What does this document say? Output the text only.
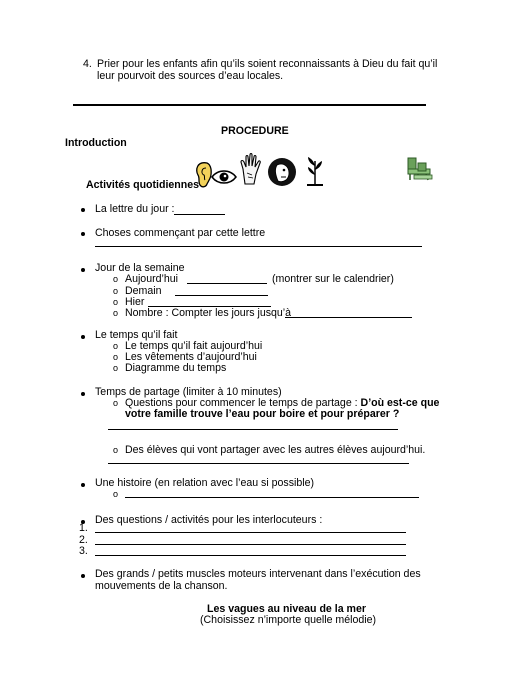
4. Prier pour les enfants afin qu’ils soient reconnaissants à Dieu du fait qu’il
leur pourvoit des sources d’eau locales.
PROCEDURE
Introduction
Activités quotidiennes
La lettre du jour :
Choses commençant par cette lettre
Jour de la semaine
o Aujourd’hui	(montrer sur le calendrier)
o Demain
o Hier
o Nombre : Compter les jours jusqu’à
Le temps qu’il fait
o Le temps qu’il fait aujourd’hui
o Les vêtements d’aujourd’hui
o Diagramme du temps
Temps de partage (limiter à 10 minutes)
o Questions pour commencer le temps de partage : D’où est-ce que
votre famille trouve l’eau pour boire et pour préparer ?
o Des élèves qui vont partager avec les autres élèves aujourd’hui.
Une histoire (en relation avec l’eau si possible)
o
Des questions / activités pour les interlocuteurs :
1.
2.
3.
Des grands / petits muscles moteurs intervenant dans l’exécution des
mouvements de la chanson.
Les vagues au niveau de la mer
(Choisissez n’importe quelle mélodie)
